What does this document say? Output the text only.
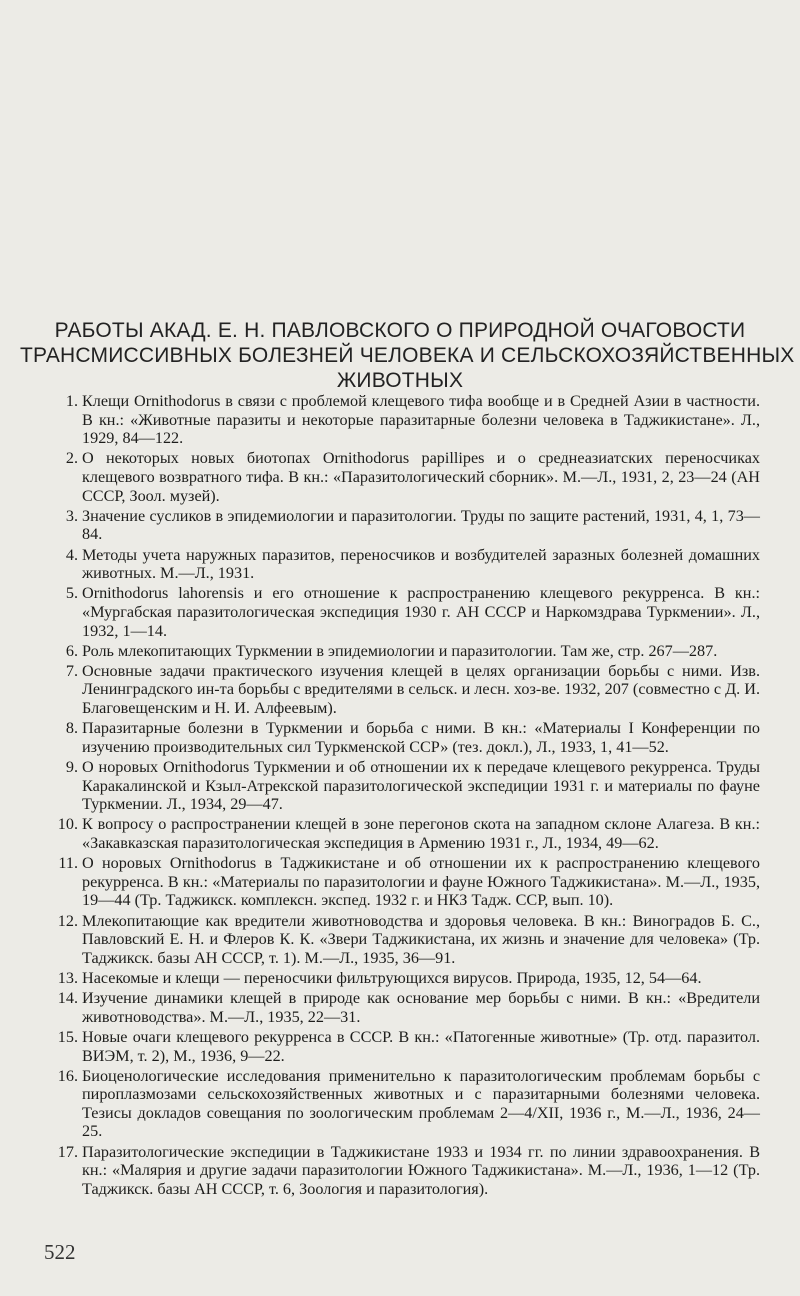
РАБОТЫ АКАД. Е. Н. ПАВЛОВСКОГО О ПРИРОДНОЙ ОЧАГОВОСТИ
ТРАНСМИССИВНЫХ БОЛЕЗНЕЙ ЧЕЛОВЕКА И СЕЛЬСКОХОЗЯЙСТВЕННЫХ
ЖИВОТНЫХ
1. Клещи Ornithodorus в связи с проблемой клещевого тифа вообще и в Средней Азии в частности. В кн.: «Животные паразиты и некоторые паразитарные болезни человека в Таджикистане». Л., 1929, 84—122.
2. О некоторых новых биотопах Ornithodorus papillipes и о среднеазиатских переносчиках клещевого возвратного тифа. В кн.: «Паразитологический сборник». М.—Л., 1931, 2, 23—24 (АН СССР, Зоол. музей).
3. Значение сусликов в эпидемиологии и паразитологии. Труды по защите растений, 1931, 4, 1, 73—84.
4. Методы учета наружных паразитов, переносчиков и возбудителей заразных болезней домашних животных. М.—Л., 1931.
5. Ornithodorus lahorensis и его отношение к распространению клещевого рекурренса. В кн.: «Мургабская паразитологическая экспедиция 1930 г. АН СССР и Наркомздрава Туркмении». Л., 1932, 1—14.
6. Роль млекопитающих Туркмении в эпидемиологии и паразитологии. Там же, стр. 267—287.
7. Основные задачи практического изучения клещей в целях организации борьбы с ними. Изв. Ленинградского ин-та борьбы с вредителями в сельск. и лесн. хоз-ве. 1932, 207 (совместно с Д. И. Благовещенским и Н. И. Алфеевым).
8. Паразитарные болезни в Туркмении и борьба с ними. В кн.: «Материалы I Конференции по изучению производительных сил Туркменской ССР» (тез. докл.), Л., 1933, 1, 41—52.
9. О норовых Ornithodorus Туркмении и об отношении их к передаче клещевого рекурренса. Труды Каракалинской и Кзыл-Атрекской паразитологической экспедиции 1931 г. и материалы по фауне Туркмении. Л., 1934, 29—47.
10. К вопросу о распространении клещей в зоне перегонов скота на западном склоне Алагеза. В кн.: «Закавказская паразитологическая экспедиция в Армению 1931 г., Л., 1934, 49—62.
11. О норовых Ornithodorus в Таджикистане и об отношении их к распространению клещевого рекурренса. В кн.: «Материалы по паразитологии и фауне Южного Таджикистана». М.—Л., 1935, 19—44 (Тр. Таджикск. комплексн. экспед. 1932 г. и НКЗ Тадж. ССР, вып. 10).
12. Млекопитающие как вредители животноводства и здоровья человека. В кн.: Виноградов Б. С., Павловский Е. Н. и Флеров К. К. «Звери Таджикистана, их жизнь и значение для человека» (Тр. Таджикск. базы АН СССР, т. 1). М.—Л., 1935, 36—91.
13. Насекомые и клещи — переносчики фильтрующихся вирусов. Природа, 1935, 12, 54—64.
14. Изучение динамики клещей в природе как основание мер борьбы с ними. В кн.: «Вредители животноводства». М.—Л., 1935, 22—31.
15. Новые очаги клещевого рекурренса в СССР. В кн.: «Патогенные животные» (Тр. отд. паразитол. ВИЭМ, т. 2), М., 1936, 9—22.
16. Биоценологические исследования применительно к паразитологическим проблемам борьбы с пироплазмозами сельскохозяйственных животных и с паразитарными болезнями человека. Тезисы докладов совещания по зоологическим проблемам 2—4/XII, 1936 г., М.—Л., 1936, 24—25.
17. Паразитологические экспедиции в Таджикистане 1933 и 1934 гг. по линии здравоохранения. В кн.: «Малярия и другие задачи паразитологии Южного Таджикистана». М.—Л., 1936, 1—12 (Тр. Таджикск. базы АН СССР, т. 6, Зоология и паразитология).
522
